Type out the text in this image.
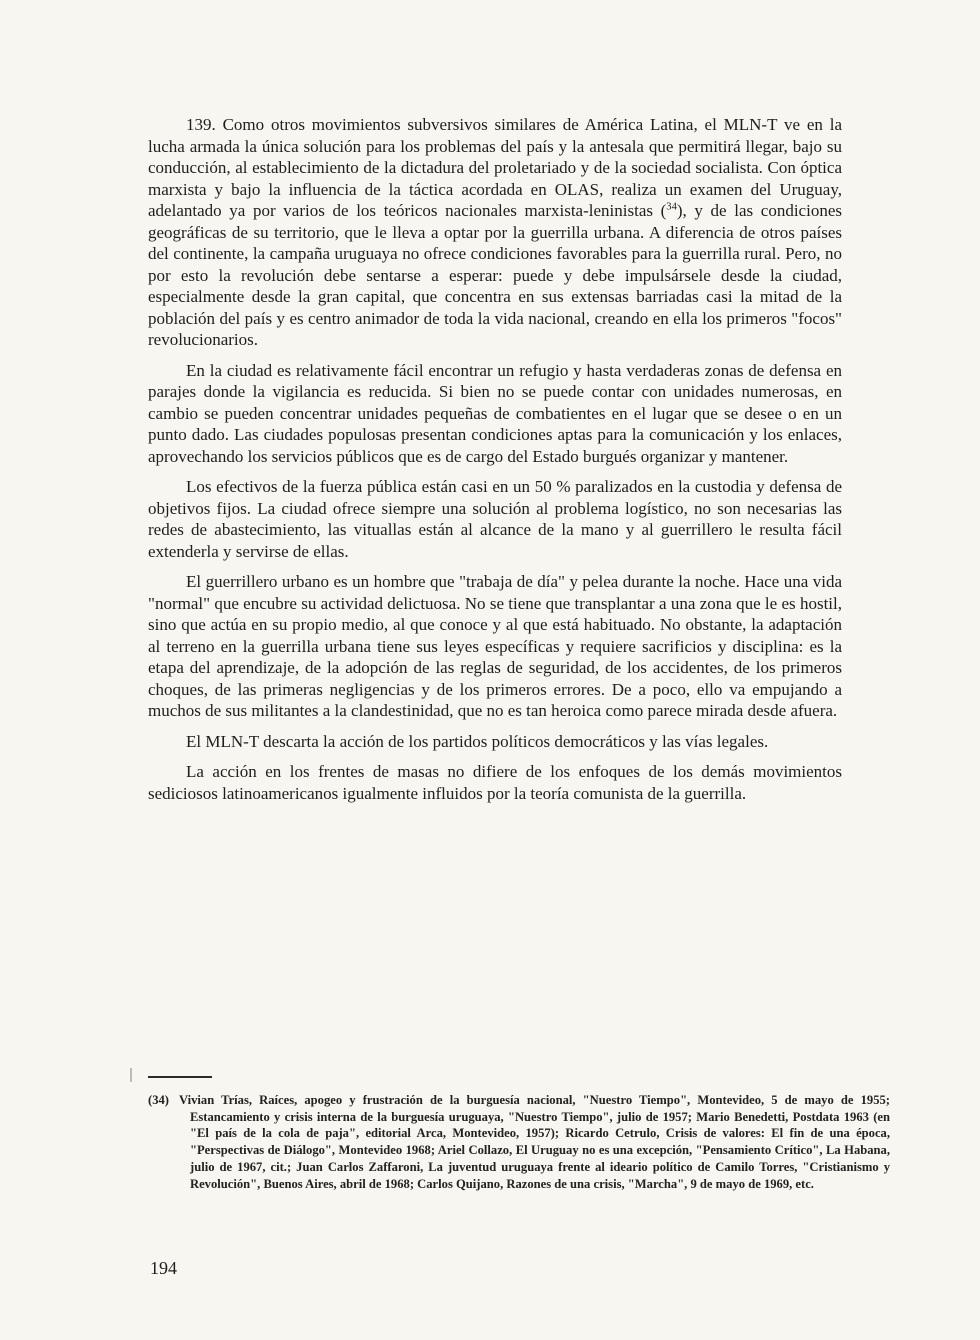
139. Como otros movimientos subversivos similares de América Latina, el MLN-T ve en la lucha armada la única solución para los problemas del país y la antesala que permitirá llegar, bajo su conducción, al establecimiento de la dictadura del proletariado y de la sociedad socialista. Con óptica marxista y bajo la influencia de la táctica acordada en OLAS, realiza un examen del Uruguay, adelantado ya por varios de los teóricos nacionales marxista-leninistas ($^{34}$), y de las condiciones geográficas de su territorio, que le lleva a optar por la guerrilla urbana. A diferencia de otros países del continente, la campaña uruguaya no ofrece condiciones favorables para la guerrilla rural. Pero, no por esto la revolución debe sentarse a esperar: puede y debe impulsársele desde la ciudad, especialmente desde la gran capital, que concentra en sus extensas barriadas casi la mitad de la población del país y es centro animador de toda la vida nacional, creando en ella los primeros "focos" revolucionarios.

En la ciudad es relativamente fácil encontrar un refugio y hasta verdaderas zonas de defensa en parajes donde la vigilancia es reducida. Si bien no se puede contar con unidades numerosas, en cambio se pueden concentrar unidades pequeñas de combatientes en el lugar que se desee o en un punto dado. Las ciudades populosas presentan condiciones aptas para la comunicación y los enlaces, aprovechando los servicios públicos que es de cargo del Estado burgués organizar y mantener.

Los efectivos de la fuerza pública están casi en un 50 % paralizados en la custodia y defensa de objetivos fijos. La ciudad ofrece siempre una solución al problema logístico, no son necesarias las redes de abastecimiento, las vituallas están al alcance de la mano y al guerrillero le resulta fácil extenderla y servirse de ellas.

El guerrillero urbano es un hombre que "trabaja de día" y pelea durante la noche. Hace una vida "normal" que encubre su actividad delictuosa. No se tiene que transplantar a una zona que le es hostil, sino que actúa en su propio medio, al que conoce y al que está habituado. No obstante, la adaptación al terreno en la guerrilla urbana tiene sus leyes específicas y requiere sacrificios y disciplina: es la etapa del aprendizaje, de la adopción de las reglas de seguridad, de los accidentes, de los primeros choques, de las primeras negligencias y de los primeros errores. De a poco, ello va empujando a muchos de sus militantes a la clandestinidad, que no es tan heroica como parece mirada desde afuera.

El MLN-T descarta la acción de los partidos políticos democráticos y las vías legales.

La acción en los frentes de masas no difiere de los enfoques de los demás movimientos sediciosos latinoamericanos igualmente influidos por la teoría comunista de la guerrilla.

(34) Vivian Trías, Raíces, apogeo y frustración de la burguesía nacional, "Nuestro Tiempo", Montevideo, 5 de mayo de 1955; Estancamiento y crisis interna de la burguesía uruguaya, "Nuestro Tiempo", julio de 1957; Mario Benedetti, Postdata 1963 (en "El país de la cola de paja", editorial Arca, Montevideo, 1957); Ricardo Cetrulo, Crisis de valores: El fin de una época, "Perspectivas de Diálogo", Montevideo 1968; Ariel Collazo, El Uruguay no es una excepción, "Pensamiento Crítico", La Habana, julio de 1967, cit.; Juan Carlos Zaffaroni, La juventud uruguaya frente al ideario político de Camilo Torres, "Cristianismo y Revolución", Buenos Aires, abril de 1968; Carlos Quijano, Razones de una crisis, "Marcha", 9 de mayo de 1969, etc.
194
